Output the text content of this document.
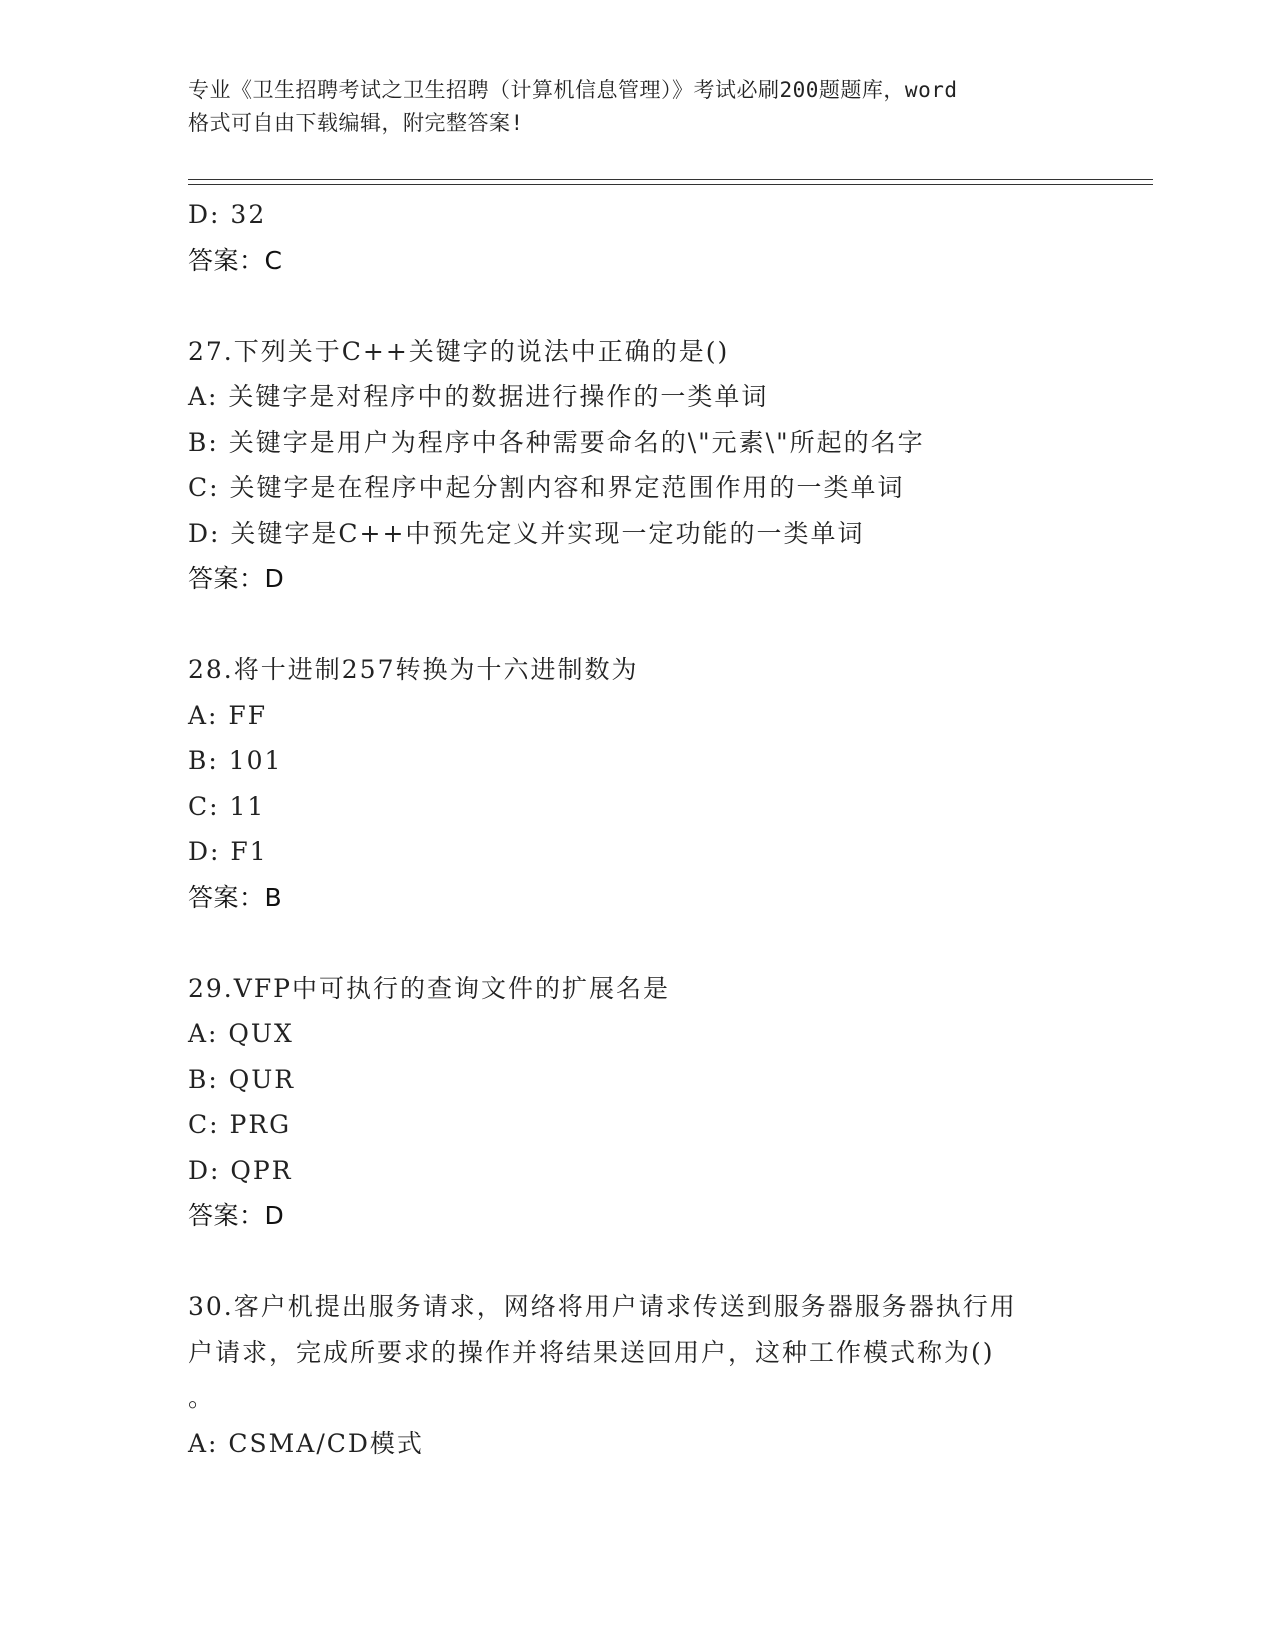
专业《卫生招聘考试之卫生招聘（计算机信息管理）》考试必刷200题题库，word
格式可自由下载编辑，附完整答案!
D: 32
答案：C
27.下列关于C++关键字的说法中正确的是()
A: 关键字是对程序中的数据进行操作的一类单词
B: 关键字是用户为程序中各种需要命名的\"元素\"所起的名字
C: 关键字是在程序中起分割内容和界定范围作用的一类单词
D: 关键字是C++中预先定义并实现一定功能的一类单词
答案：D
28.将十进制257转换为十六进制数为
A: FF
B: 101
C: 11
D: F1
答案：B
29.VFP中可执行的查询文件的扩展名是
A: QUX
B: QUR
C: PRG
D: QPR
答案：D
30.客户机提出服务请求，网络将用户请求传送到服务器服务器执行用
户请求，完成所要求的操作并将结果送回用户，这种工作模式称为()
。
A: CSMA/CD模式
